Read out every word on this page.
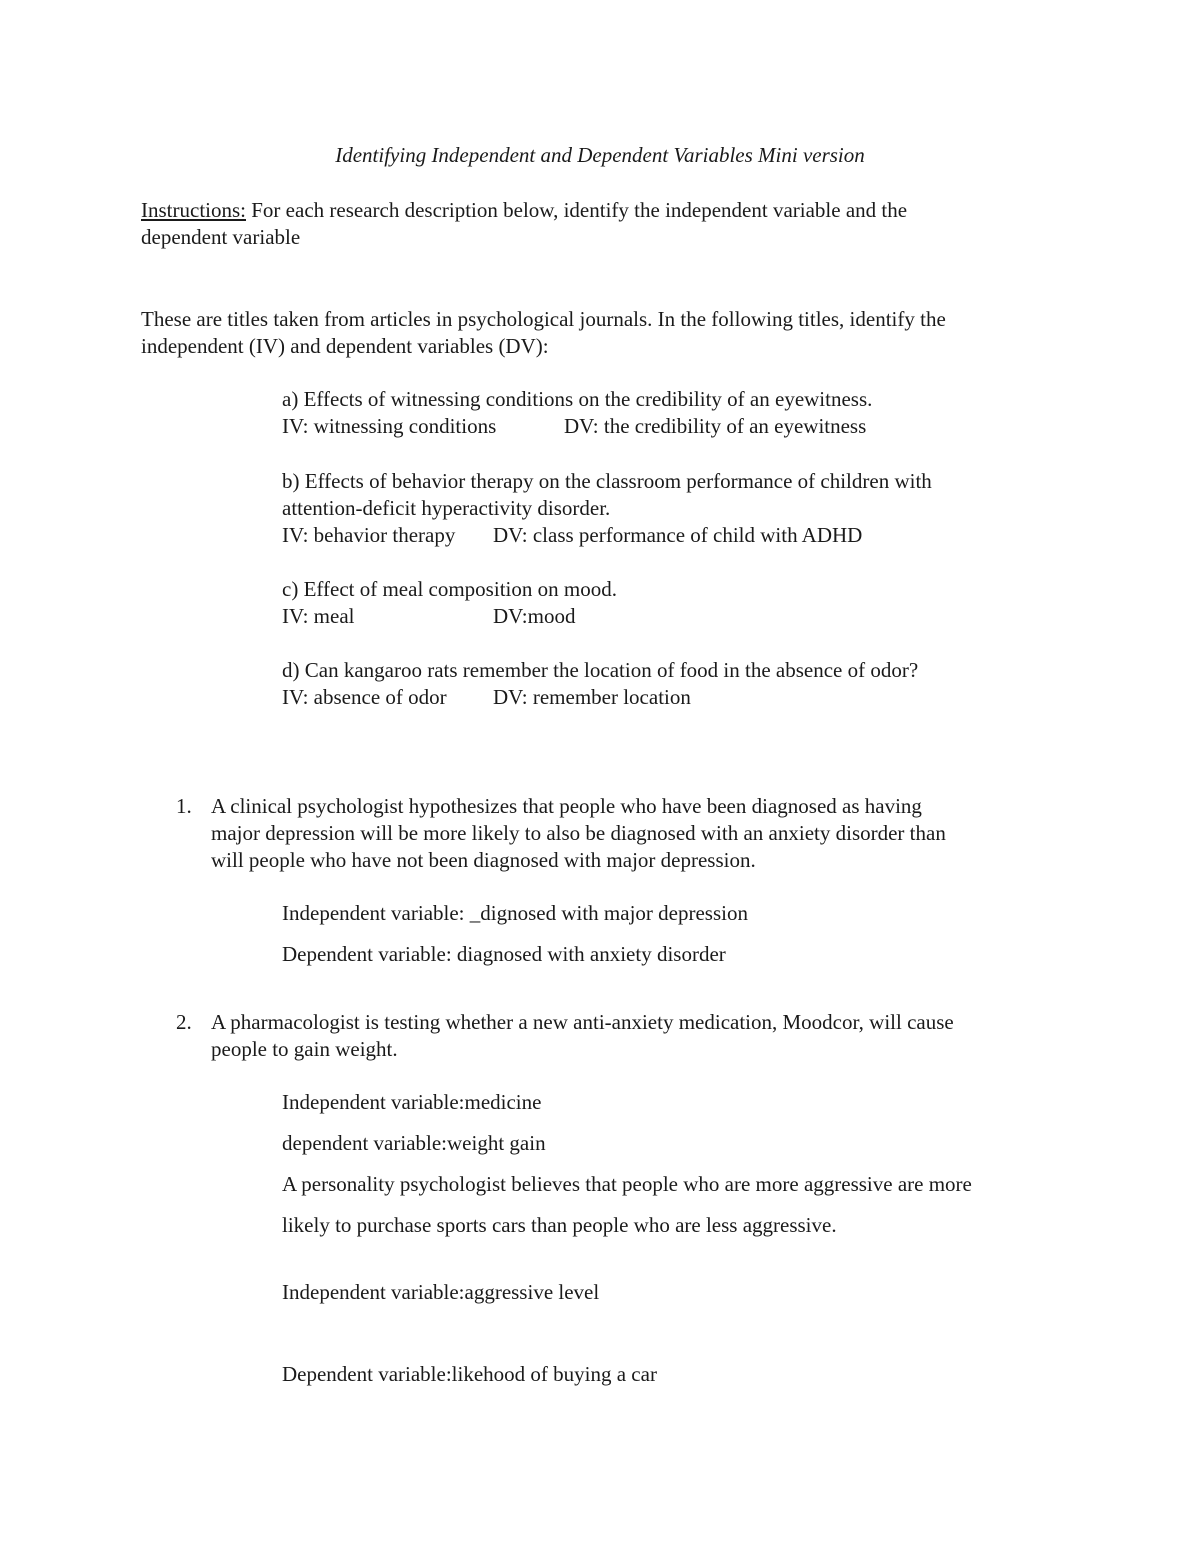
Identifying Independent and Dependent Variables Mini version
Instructions: For each research description below, identify the independent variable and the
dependent variable
These are titles taken from articles in psychological journals. In the following titles, identify the
independent (IV) and dependent variables (DV):
a) Effects of witnessing conditions on the credibility of an eyewitness.
IV: witnessing conditions	DV: the credibility of an eyewitness
b) Effects of behavior therapy on the classroom performance of children with
attention-deficit hyperactivity disorder.
IV: behavior therapy DV: class performance of child with ADHD
c) Effect of meal composition on mood.
IV: meal	DV:mood
d) Can kangaroo rats remember the location of food in the absence of odor?
IV: absence of odor DV: remember location
1. A clinical psychologist hypothesizes that people who have been diagnosed as having
major depression will be more likely to also be diagnosed with an anxiety disorder than
will people who have not been diagnosed with major depression.
Independent variable: _dignosed with major depression
Dependent variable: diagnosed with anxiety disorder
2. A pharmacologist is testing whether a new anti-anxiety medication, Moodcor, will cause
people to gain weight.
Independent variable:medicine
dependent variable:weight gain
A personality psychologist believes that people who are more aggressive are more
likely to purchase sports cars than people who are less aggressive.
Independent variable:aggressive level
Dependent variable:likehood of buying a car
